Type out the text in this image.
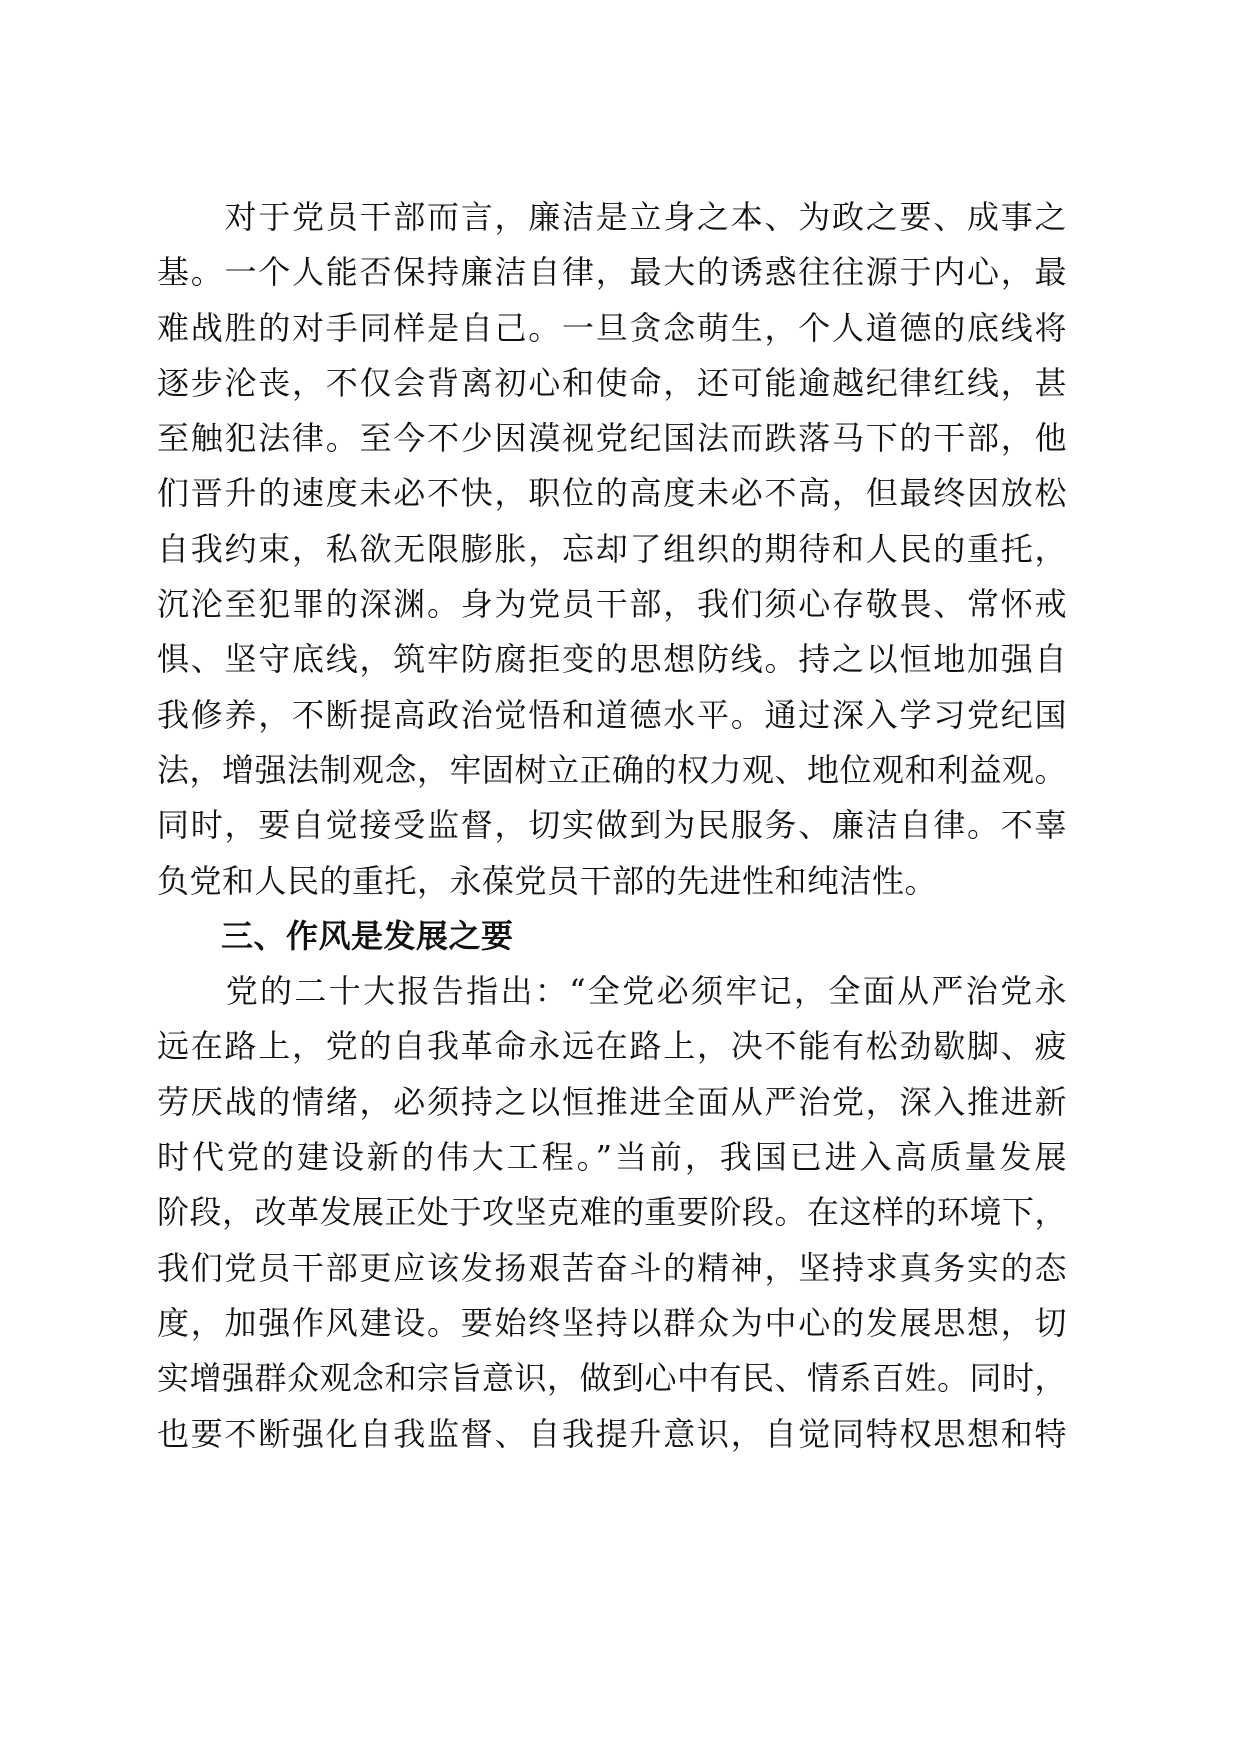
　　对于党员干部而言，廉洁是立身之本、为政之要、成事之
基。一个人能否保持廉洁自律，最大的诱惑往往源于内心，最
难战胜的对手同样是自己。一旦贪念萌生，个人道德的底线将
逐步沦丧，不仅会背离初心和使命，还可能逾越纪律红线，甚
至触犯法律。至今不少因漠视党纪国法而跌落马下的干部，他
们晋升的速度未必不快，职位的高度未必不高，但最终因放松
自我约束，私欲无限膨胀，忘却了组织的期待和人民的重托，
沉沦至犯罪的深渊。身为党员干部，我们须心存敬畏、常怀戒
惧、坚守底线，筑牢防腐拒变的思想防线。持之以恒地加强自
我修养，不断提高政治觉悟和道德水平。通过深入学习党纪国
法，增强法制观念，牢固树立正确的权力观、地位观和利益观。
同时，要自觉接受监督，切实做到为民服务、廉洁自律。不辜
负党和人民的重托，永葆党员干部的先进性和纯洁性。
三、作风是发展之要
　　党的二十大报告指出：“全党必须牢记，全面从严治党永
远在路上，党的自我革命永远在路上，决不能有松劲歇脚、疲
劳厌战的情绪，必须持之以恒推进全面从严治党，深入推进新
时代党的建设新的伟大工程。”当前，我国已进入高质量发展
阶段，改革发展正处于攻坚克难的重要阶段。在这样的环境下，
我们党员干部更应该发扬艰苦奋斗的精神，坚持求真务实的态
度，加强作风建设。要始终坚持以群众为中心的发展思想，切
实增强群众观念和宗旨意识，做到心中有民、情系百姓。同时，
也要不断强化自我监督、自我提升意识，自觉同特权思想和特
